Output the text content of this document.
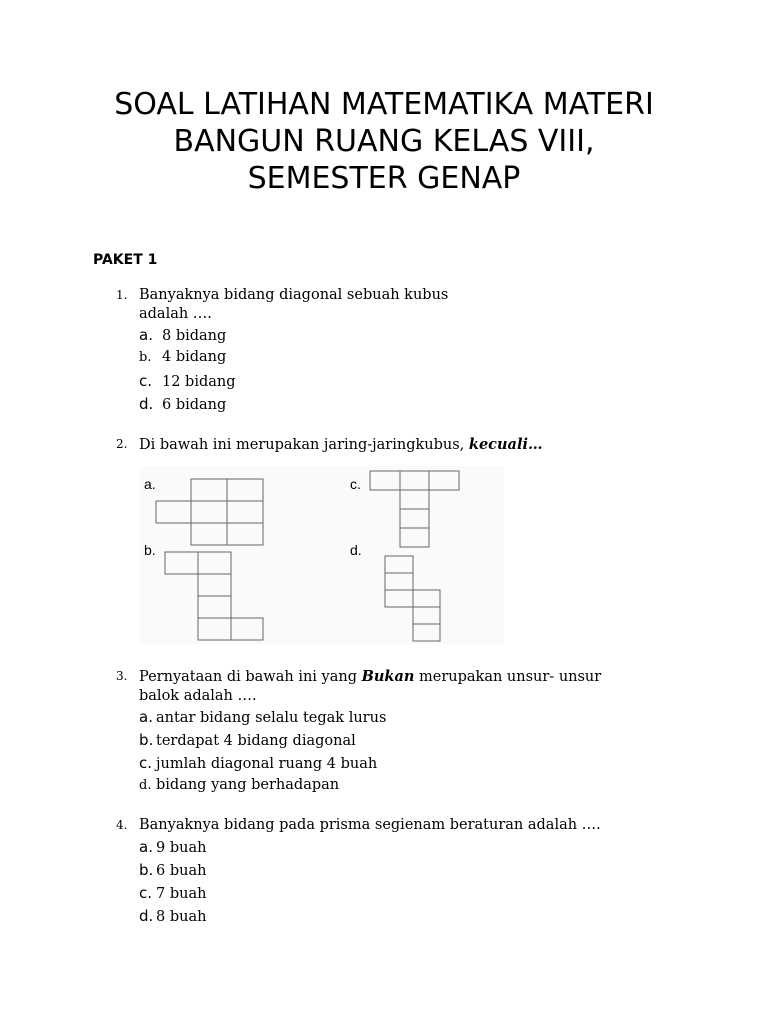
SOAL LATIHAN MATEMATIKA MATERI
BANGUN RUANG KELAS VIII,
SEMESTER GENAP
PAKET 1
1. Banyaknya bidang diagonal sebuah kubus
adalah ….
a. 8 bidang
b. 4 bidang
c. 12 bidang
d. 6 bidang
2. Di bawah ini merupakan jaring-jaringkubus, kecuali…
a.
b.
c.
d.
3. Pernyataan di bawah ini yang Bukan merupakan unsur- unsur
balok adalah ….
a. antar bidang selalu tegak lurus
b. terdapat 4 bidang diagonal
c. jumlah diagonal ruang 4 buah
d. bidang yang berhadapan
4. Banyaknya bidang pada prisma segienam beraturan adalah ….
a. 9 buah
b. 6 buah
c. 7 buah
d. 8 buah
